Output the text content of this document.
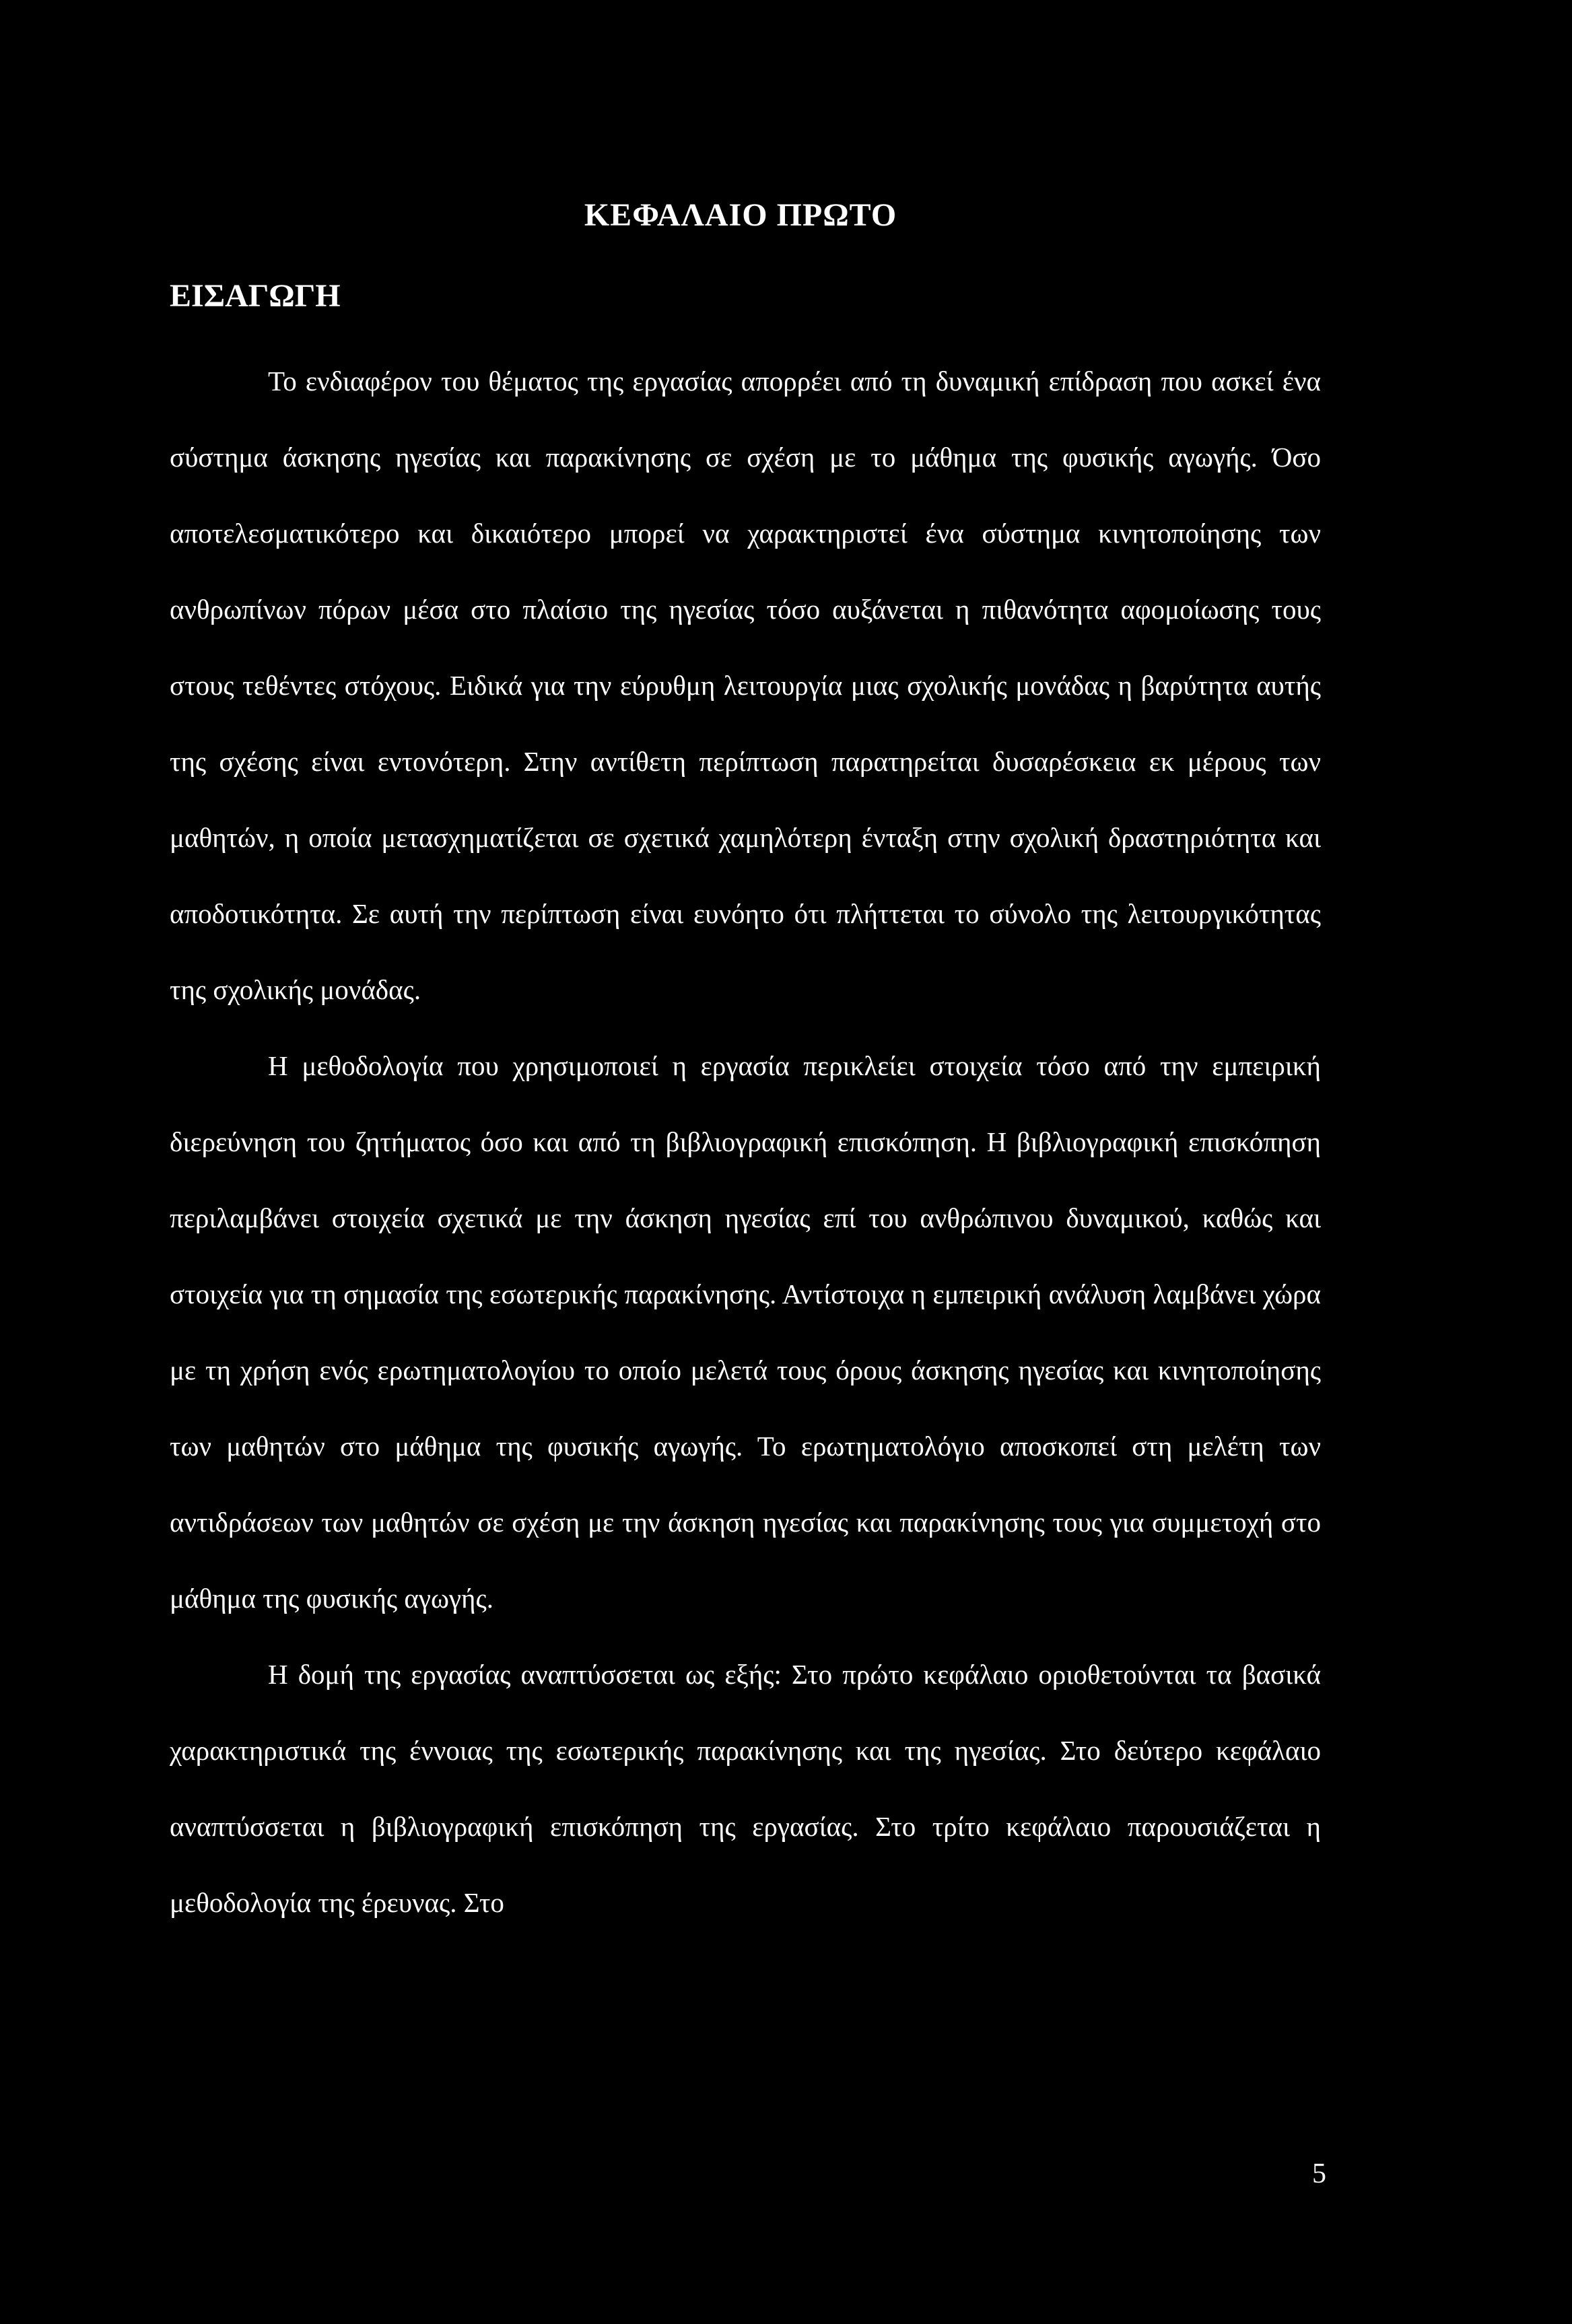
ΚΕΦΑΛΑΙΟ ΠΡΩΤΟ
ΕΙΣΑΓΩΓΗ

Το ενδιαφέρον του θέματος της εργασίας απορρέει από τη δυναμική επίδραση που ασκεί ένα σύστημα άσκησης ηγεσίας και παρακίνησης σε σχέση με το μάθημα της φυσικής αγωγής. Όσο αποτελεσματικότερο και δικαιότερο μπορεί να χαρακτηριστεί ένα σύστημα κινητοποίησης των ανθρωπίνων πόρων μέσα στο πλαίσιο της ηγεσίας τόσο αυξάνεται η πιθανότητα αφομοίωσης τους στους τεθέντες στόχους. Ειδικά για την εύρυθμη λειτουργία μιας σχολικής μονάδας η βαρύτητα αυτής της σχέσης είναι εντονότερη. Στην αντίθετη περίπτωση παρατηρείται δυσαρέσκεια εκ μέρους των μαθητών, η οποία μετασχηματίζεται σε σχετικά χαμηλότερη ένταξη στην σχολική δραστηριότητα και αποδοτικότητα. Σε αυτή την περίπτωση είναι ευνόητο ότι πλήττεται το σύνολο της λειτουργικότητας της σχολικής μονάδας.

Η μεθοδολογία που χρησιμοποιεί η εργασία περικλείει στοιχεία τόσο από την εμπειρική διερεύνηση του ζητήματος όσο και από τη βιβλιογραφική επισκόπηση. Η βιβλιογραφική επισκόπηση περιλαμβάνει στοιχεία σχετικά με την άσκηση ηγεσίας επί του ανθρώπινου δυναμικού, καθώς και στοιχεία για τη σημασία της εσωτερικής παρακίνησης. Αντίστοιχα η εμπειρική ανάλυση λαμβάνει χώρα με τη χρήση ενός ερωτηματολογίου το οποίο μελετά τους όρους άσκησης ηγεσίας και κινητοποίησης των μαθητών στο μάθημα της φυσικής αγωγής. Το ερωτηματολόγιο αποσκοπεί στη μελέτη των αντιδράσεων των μαθητών σε σχέση με την άσκηση ηγεσίας και παρακίνησης τους για συμμετοχή στο μάθημα της φυσικής αγωγής.

Η δομή της εργασίας αναπτύσσεται ως εξής: Στο πρώτο κεφάλαιο οριοθετούνται τα βασικά χαρακτηριστικά της έννοιας της εσωτερικής παρακίνησης και της ηγεσίας. Στο δεύτερο κεφάλαιο αναπτύσσεται η βιβλιογραφική επισκόπηση της εργασίας. Στο τρίτο κεφάλαιο παρουσιάζεται η μεθοδολογία της έρευνας. Στο

5
